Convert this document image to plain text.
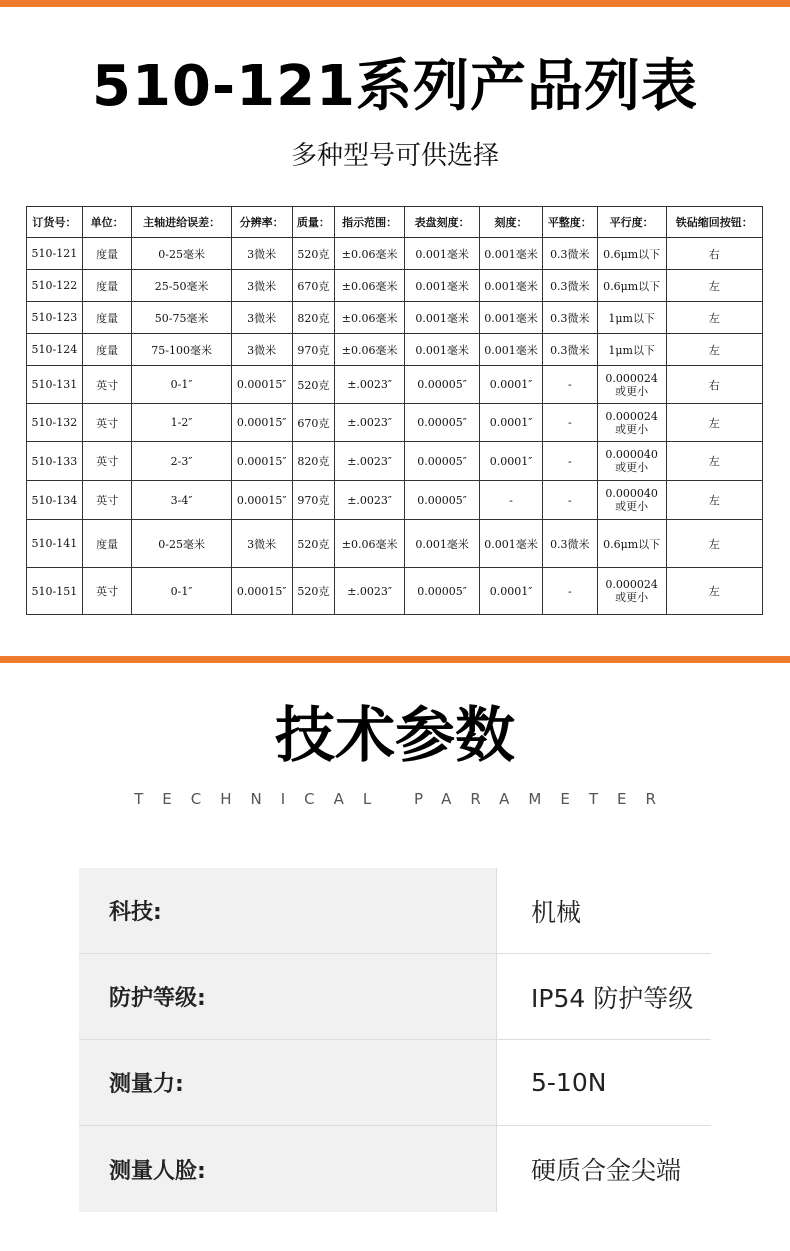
510-121系列产品列表
多种型号可供选择
订货号：	单位：	主轴进给误差：	分辨率：	质量：	指示范围：	表盘刻度：	刻度：	平整度：	平行度：	铁砧缩回按钮：
510-121	度量	0-25毫米	3微米	520克	±0.06毫米	0.001毫米	0.001毫米	0.3微米	0.6μm以下	右
510-122	度量	25-50毫米	3微米	670克	±0.06毫米	0.001毫米	0.001毫米	0.3微米	0.6μm以下	左
510-123	度量	50-75毫米	3微米	820克	±0.06毫米	0.001毫米	0.001毫米	0.3微米	1μm以下	左
510-124	度量	75-100毫米	3微米	970克	±0.06毫米	0.001毫米	0.001毫米	0.3微米	1μm以下	左
510-131	英寸	0-1″	0.00015″	520克	±.0023″	0.00005″	0.0001″	-	0.000024 或更小	右
510-132	英寸	1-2″	0.00015″	670克	±.0023″	0.00005″	0.0001″	-	0.000024 或更小	左
510-133	英寸	2-3″	0.00015″	820克	±.0023″	0.00005″	0.0001″	-	0.000040 或更小	左
510-134	英寸	3-4″	0.00015″	970克	±.0023″	0.00005″	-	-	0.000040 或更小	左
510-141	度量	0-25毫米	3微米	520克	±0.06毫米	0.001毫米	0.001毫米	0.3微米	0.6μm以下	左
510-151	英寸	0-1″	0.00015″	520克	±.0023″	0.00005″	0.0001″	-	0.000024 或更小	左
技术参数
TECHNICAL PARAMETER
科技:	机械
防护等级:	IP54 防护等级
测量力:	5-10N
测量人脸:	硬质合金尖端
